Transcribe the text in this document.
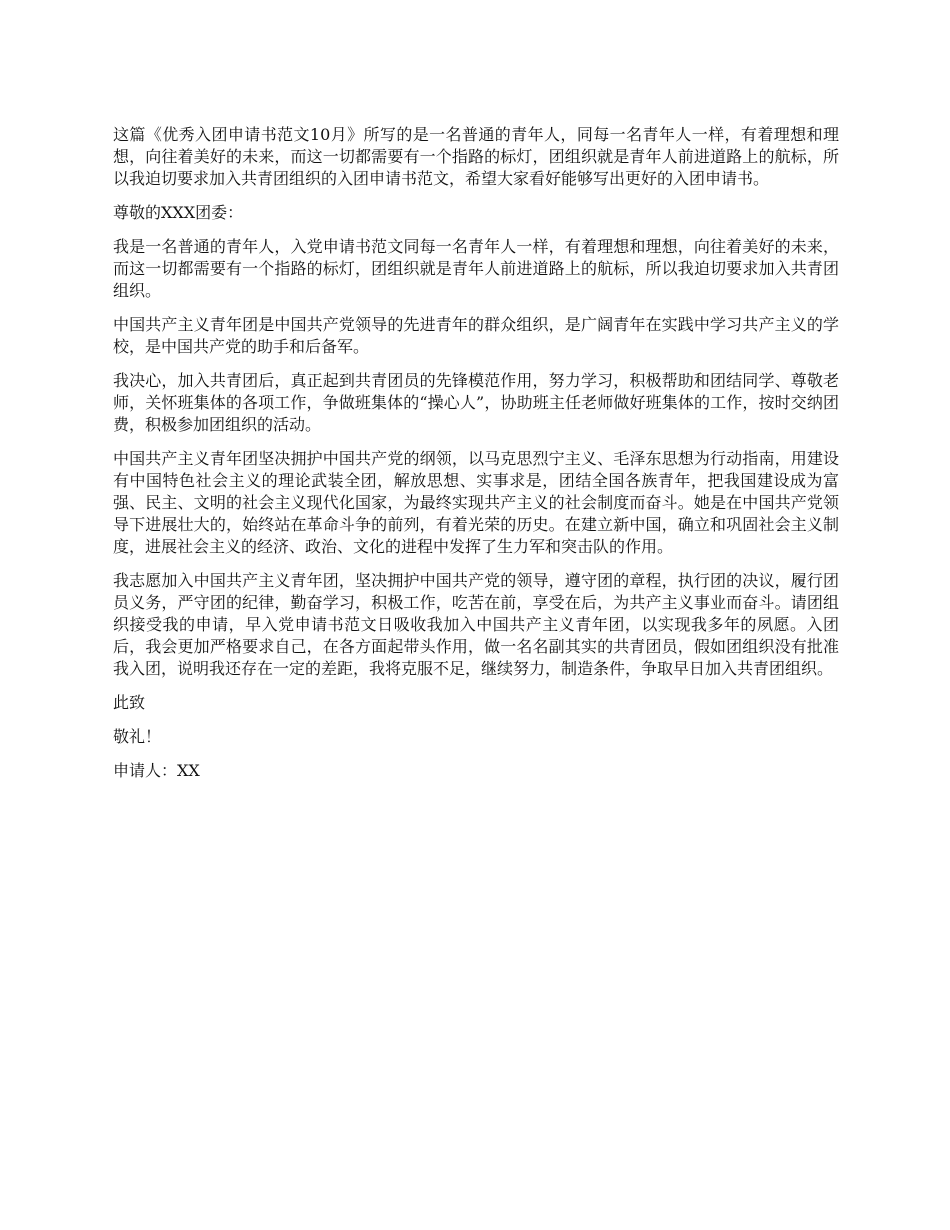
这篇《优秀入团申请书范文10月》所写的是一名普通的青年人，同每一名青年人一样，有着理想和理想，向往着美好的未来，而这一切都需要有一个指路的标灯，团组织就是青年人前进道路上的航标，所以我迫切要求加入共青团组织的入团申请书范文，希望大家看好能够写出更好的入团申请书。

尊敬的XXX团委：

我是一名普通的青年人，入党申请书范文同每一名青年人一样，有着理想和理想，向往着美好的未来，而这一切都需要有一个指路的标灯，团组织就是青年人前进道路上的航标，所以我迫切要求加入共青团组织。

中国共产主义青年团是中国共产党领导的先进青年的群众组织，是广阔青年在实践中学习共产主义的学校，是中国共产党的助手和后备军。

我决心，加入共青团后，真正起到共青团员的先锋模范作用，努力学习，积极帮助和团结同学、尊敬老师，关怀班集体的各项工作，争做班集体的“操心人”，协助班主任老师做好班集体的工作，按时交纳团费，积极参加团组织的活动。

中国共产主义青年团坚决拥护中国共产党的纲领，以马克思烈宁主义、毛泽东思想为行动指南，用建设有中国特色社会主义的理论武装全团，解放思想、实事求是，团结全国各族青年，把我国建设成为富强、民主、文明的社会主义现代化国家，为最终实现共产主义的社会制度而奋斗。她是在中国共产党领导下进展壮大的，始终站在革命斗争的前列，有着光荣的历史。在建立新中国，确立和巩固社会主义制度，进展社会主义的经济、政治、文化的进程中发挥了生力军和突击队的作用。

我志愿加入中国共产主义青年团，坚决拥护中国共产党的领导，遵守团的章程，执行团的决议，履行团员义务，严守团的纪律，勤奋学习，积极工作，吃苦在前，享受在后，为共产主义事业而奋斗。请团组织接受我的申请，早入党申请书范文日吸收我加入中国共产主义青年团，以实现我多年的夙愿。入团后，我会更加严格要求自己，在各方面起带头作用，做一名名副其实的共青团员，假如团组织没有批准我入团，说明我还存在一定的差距，我将克服不足，继续努力，制造条件，争取早日加入共青团组织。

此致

敬礼！

申请人：XX
